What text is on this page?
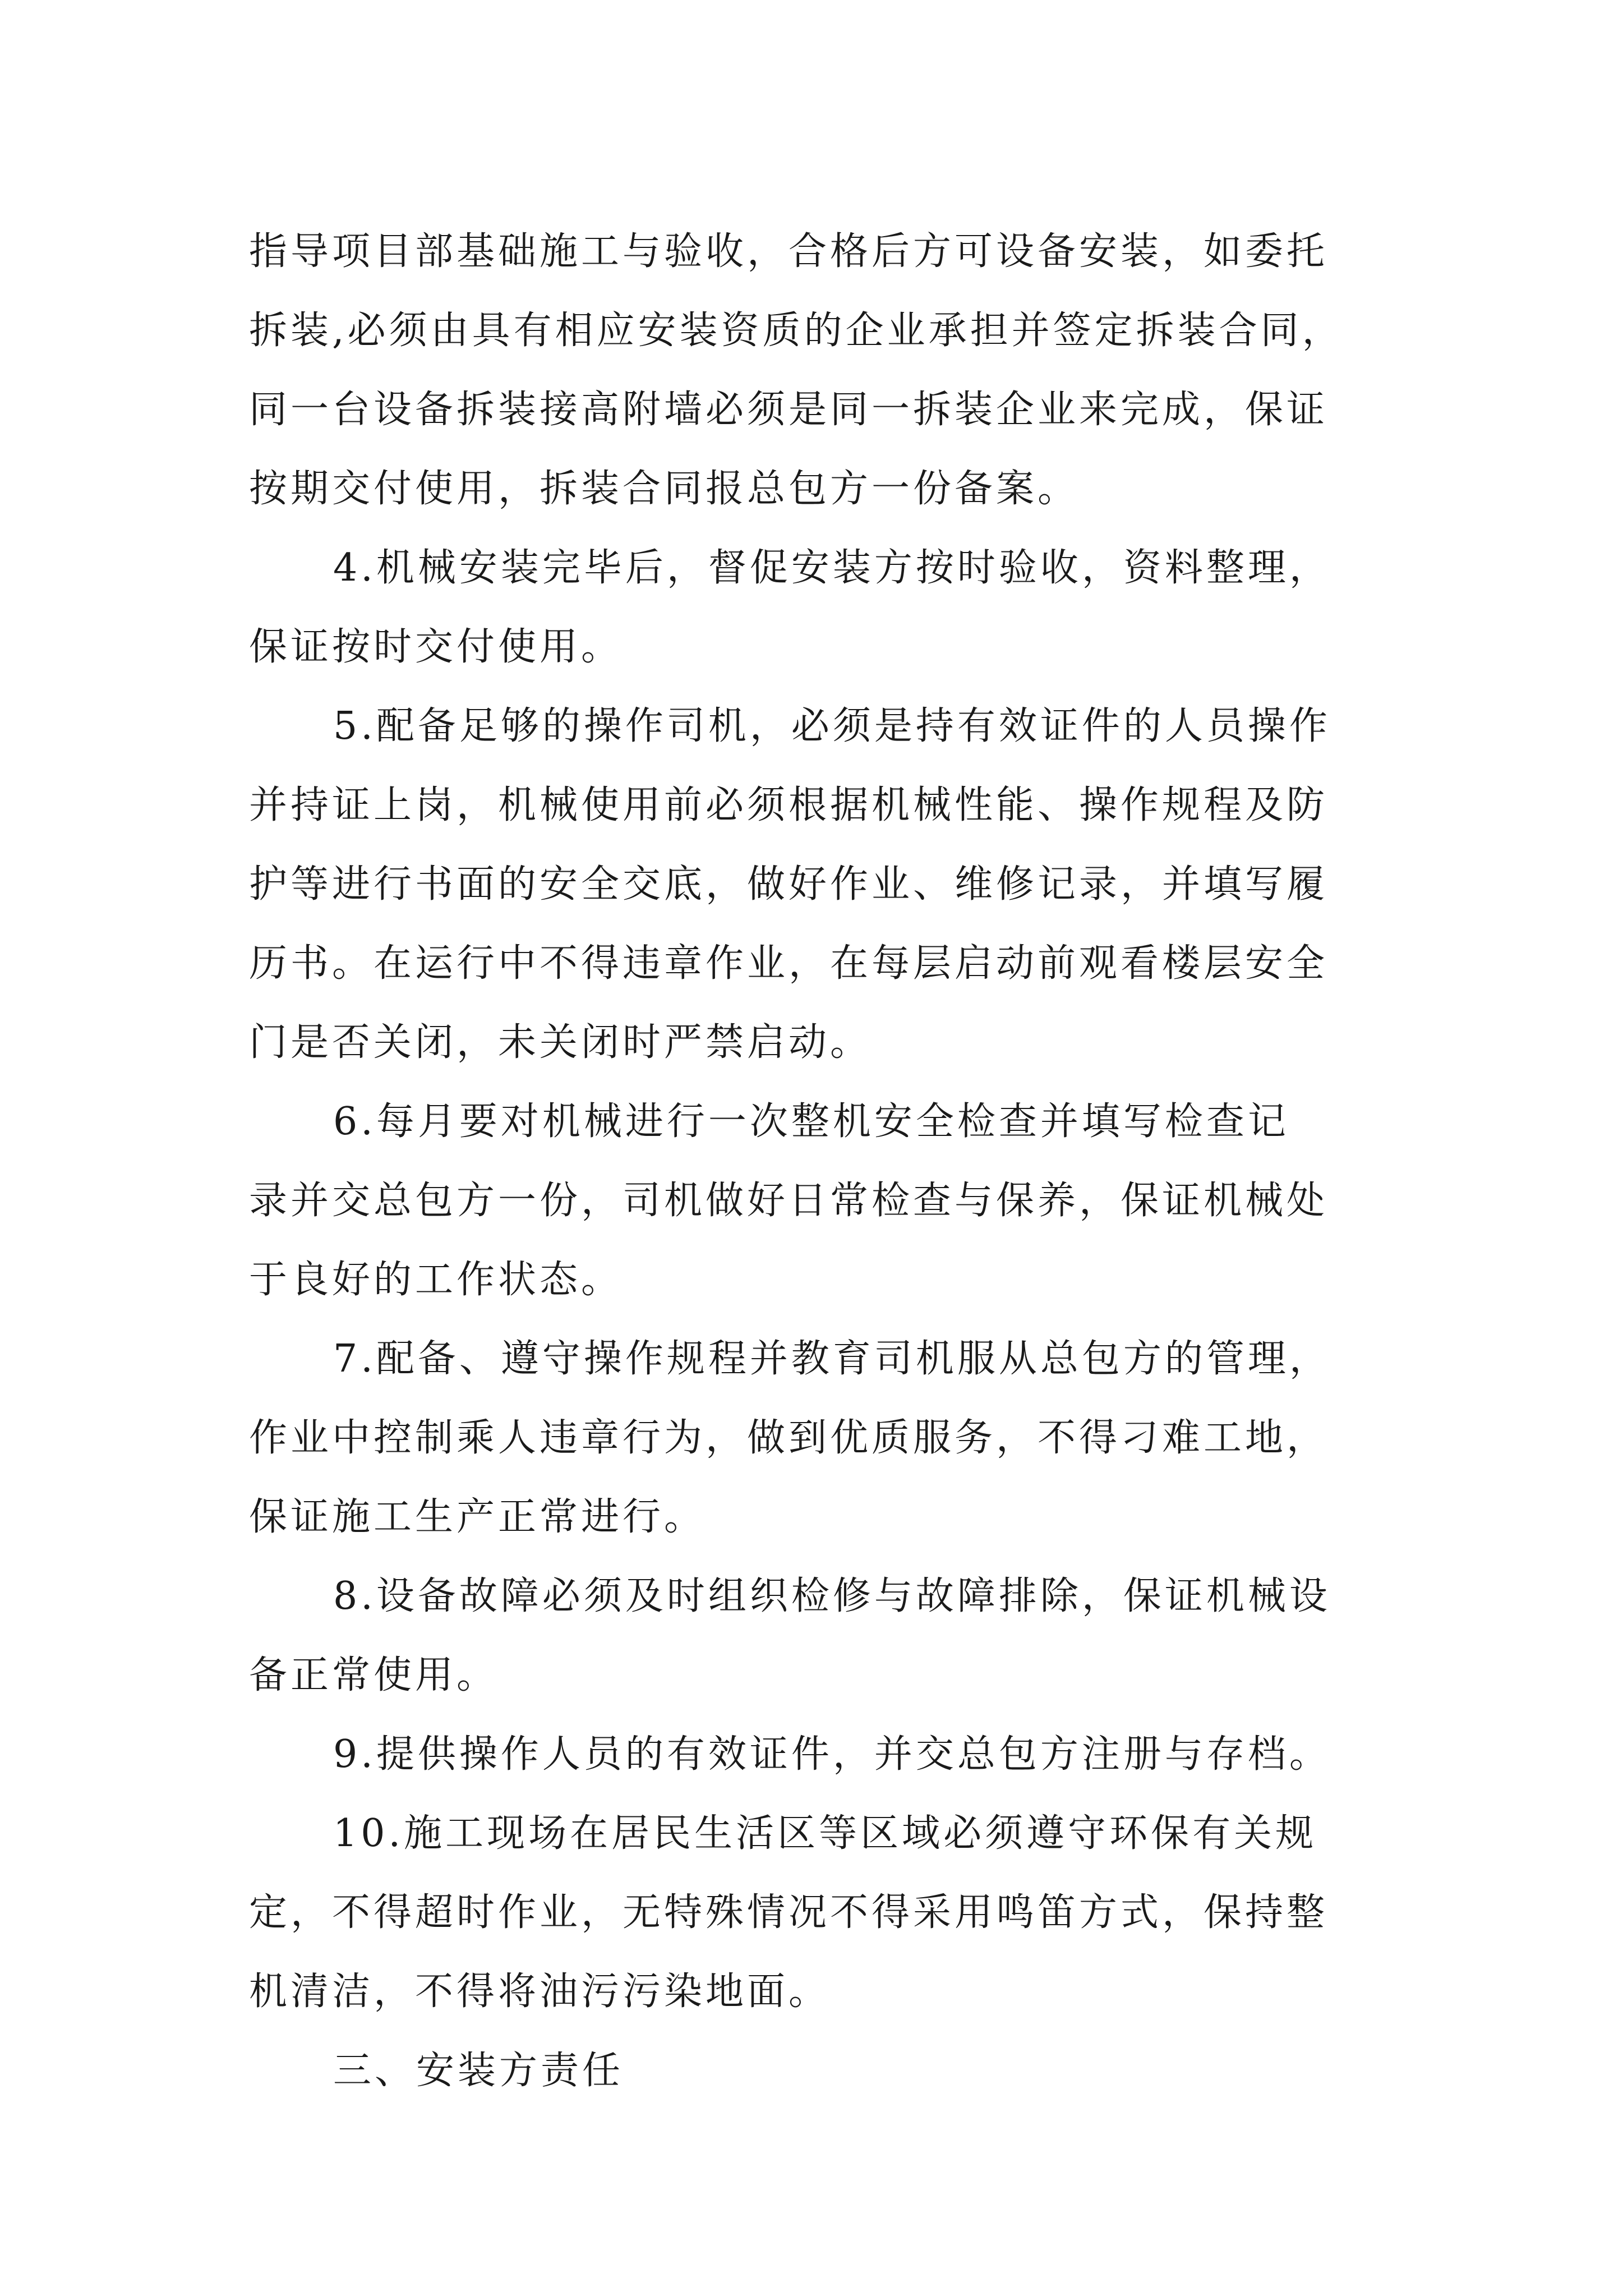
指导项目部基础施工与验收，合格后方可设备安装，如委托
拆装,必须由具有相应安装资质的企业承担并签定拆装合同，
同一台设备拆装接高附墙必须是同一拆装企业来完成，保证
按期交付使用，拆装合同报总包方一份备案。
4.机械安装完毕后，督促安装方按时验收，资料整理，
保证按时交付使用。
5.配备足够的操作司机，必须是持有效证件的人员操作
并持证上岗，机械使用前必须根据机械性能、操作规程及防
护等进行书面的安全交底，做好作业、维修记录，并填写履
历书。在运行中不得违章作业，在每层启动前观看楼层安全
门是否关闭，未关闭时严禁启动。
6.每月要对机械进行一次整机安全检查并填写检查记
录并交总包方一份，司机做好日常检查与保养，保证机械处
于良好的工作状态。
7.配备、遵守操作规程并教育司机服从总包方的管理，
作业中控制乘人违章行为，做到优质服务，不得刁难工地，
保证施工生产正常进行。
8.设备故障必须及时组织检修与故障排除，保证机械设
备正常使用。
9.提供操作人员的有效证件，并交总包方注册与存档。
10.施工现场在居民生活区等区域必须遵守环保有关规
定，不得超时作业，无特殊情况不得采用鸣笛方式，保持整
机清洁，不得将油污污染地面。
三、安装方责任
